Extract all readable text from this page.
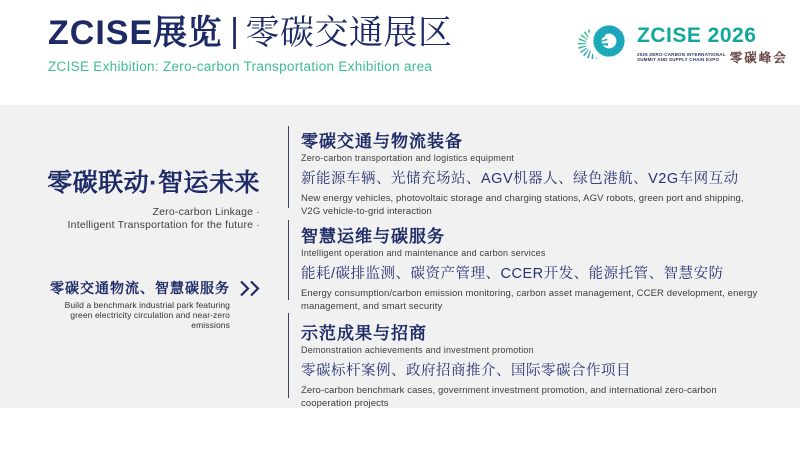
ZCISE展览 | 零碳交通展区
ZCISE Exhibition: Zero-carbon Transportation Exhibition area
ZCISE 2026
2026 ZERO-CARBON INTERNATIONAL
SUMMIT AND SUPPLY CHAIN EXPO 零碳峰会
零碳联动·智运未来
Zero-carbon Linkage ·
Intelligent Transportation for the future ·
零碳交通物流、智慧碳服务
Build a benchmark industrial park featuring
green electricity circulation and near-zero emissions
零碳交通与物流装备
Zero-carbon transportation and logistics equipment
新能源车辆、光储充场站、AGV机器人、绿色港航、V2G车网互动
New energy vehicles, photovoltaic storage and charging stations, AGV robots, green port and shipping, V2G vehicle-to-grid interaction
智慧运维与碳服务
Intelligent operation and maintenance and carbon services
能耗/碳排监测、碳资产管理、CCER开发、能源托管、智慧安防
Energy consumption/carbon emission monitoring, carbon asset management, CCER development, energy management, and smart security
示范成果与招商
Demonstration achievements and investment promotion
零碳标杆案例、政府招商推介、国际零碳合作项目
Zero-carbon benchmark cases, government investment promotion, and international zero-carbon cooperation projects
